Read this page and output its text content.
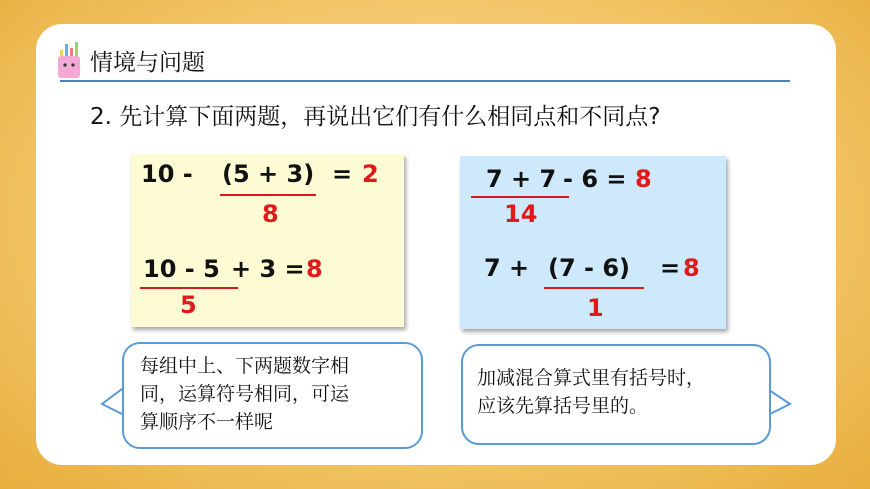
情境与问题
2. 先计算下面两题，再说出它们有什么相同点和不同点?
10 - (5 + 3) = 2
8
10 - 5 + 3 = 8
5
7 + 7 - 6 = 8
14
7 + (7 - 6) = 8
1
每组中上、下两题数字相
同，运算符号相同，可运
算顺序不一样呢
加减混合算式里有括号时，
应该先算括号里的。
